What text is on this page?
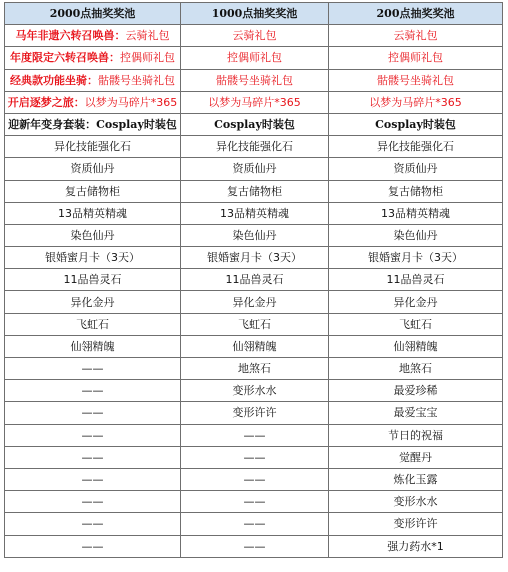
2000点抽奖奖池	1000点抽奖奖池	200点抽奖奖池
马年非遗六转召唤兽：云骑礼包	云骑礼包	云骑礼包
年度限定六转召唤兽：控偶师礼包	控偶师礼包	控偶师礼包
经典款功能坐骑：骷髅号坐骑礼包	骷髅号坐骑礼包	骷髅号坐骑礼包
开启逐梦之旅：以梦为马碎片*365	以梦为马碎片*365	以梦为马碎片*365
迎新年变身套装：Cosplay时装包	Cosplay时装包	Cosplay时装包
异化技能强化石	异化技能强化石	异化技能强化石
资质仙丹	资质仙丹	资质仙丹
复古储物柜	复古储物柜	复古储物柜
13品精英精魂	13品精英精魂	13品精英精魂
染色仙丹	染色仙丹	染色仙丹
银婚蜜月卡（3天）	银婚蜜月卡（3天）	银婚蜜月卡（3天）
11品兽灵石	11品兽灵石	11品兽灵石
异化金丹	异化金丹	异化金丹
飞虹石	飞虹石	飞虹石
仙翎精魄	仙翎精魄	仙翎精魄
——	地煞石	地煞石
——	变形水水	最爱珍稀
——	变形许许	最爱宝宝
——	——	节日的祝福
——	——	觉醒丹
——	——	炼化玉露
——	——	变形水水
——	——	变形许许
——	——	强力药水*1
